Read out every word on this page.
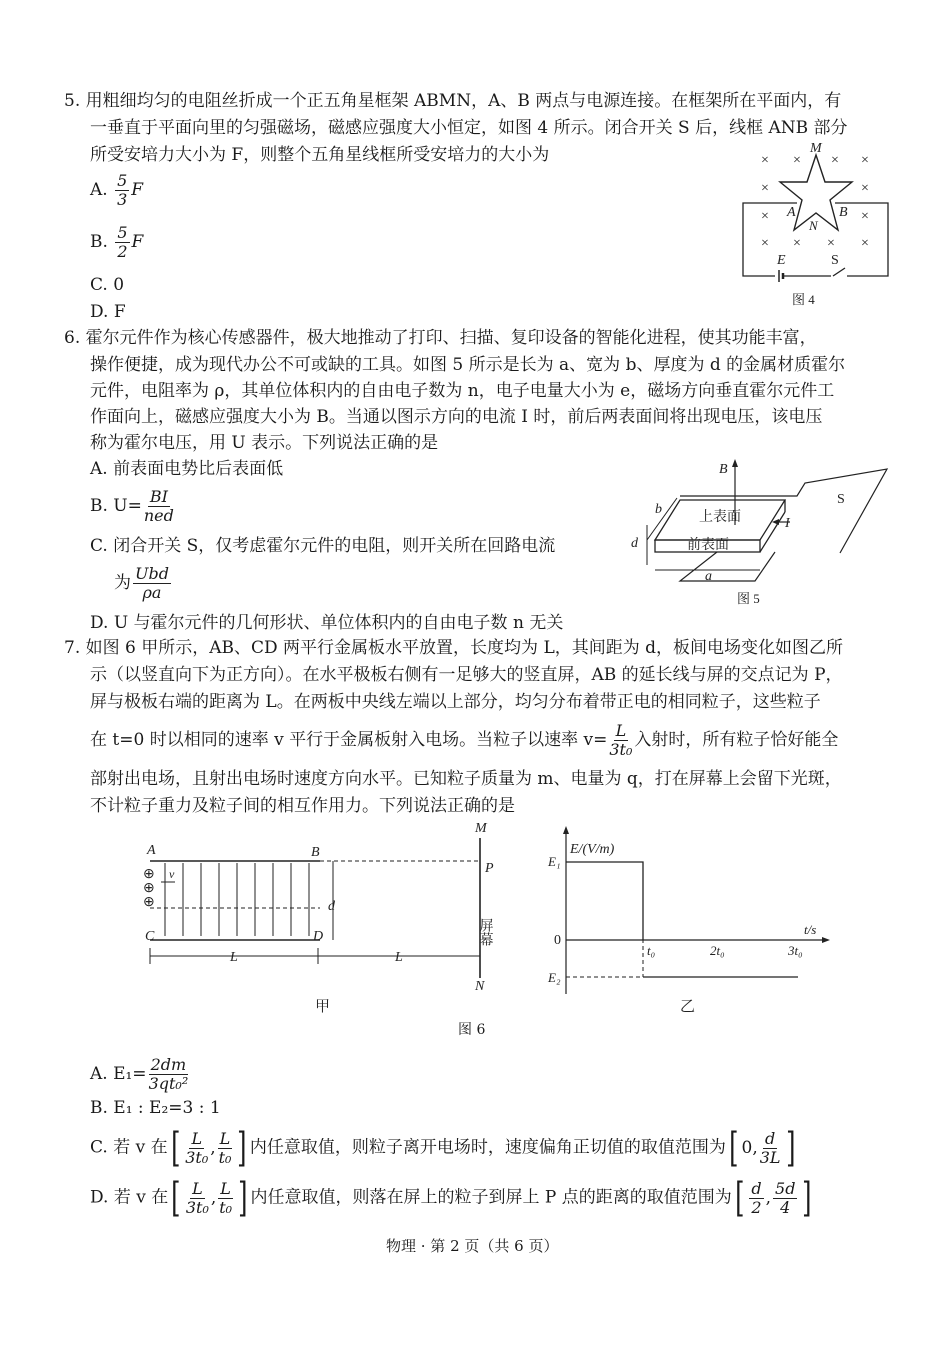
5. 用粗细均匀的电阻丝折成一个正五角星框架 ABMN，A、B 两点与电源连接。在框架所在平面内，有
一垂直于平面向里的匀强磁场，磁感应强度大小恒定，如图 4 所示。闭合开关 S 后，线框 ANB 部分
所受安培力大小为 F，则整个五角星线框所受安培力的大小为
A. $\frac{5}{3}$ F
B. $\frac{5}{2}$ F
C. 0
D. F
× × × ×
×	×
×	×
× × × ×
M
A	B
N
E	S
图 4
6. 霍尔元件作为核心传感器件，极大地推动了打印、扫描、复印设备的智能化进程，使其功能丰富，
操作便捷，成为现代办公不可或缺的工具。如图 5 所示是长为 a、宽为 b、厚度为 d 的金属材质霍尔
元件，电阻率为 ρ，其单位体积内的自由电子数为 n，电子电量大小为 e，磁场方向垂直霍尔元件工
作面向上，磁感应强度大小为 B。当通以图示方向的电流 I 时，前后两表面间将出现电压，该电压
称为霍尔电压，用 U 表示。下列说法正确的是
A. 前表面电势比后表面低
B. $U= \frac{BI}{\text{ned}}$
C. 闭合开关 S，仅考虑霍尔元件的电阻，则开关所在回路电流
为 $\frac{\text{Ubd}}{\rho a}$
D. U 与霍尔元件的几何形状、单位体积内的自由电子数 n 无关
B
b
d
a
I
S
上表面
前表面
图 5
7. 如图 6 甲所示，AB、CD 两平行金属板水平放置，长度均为 L，其间距为 d，板间电场变化如图乙所
示（以竖直向下为正方向）。在水平极板右侧有一足够大的竖直屏，AB 的延长线与屏的交点记为 P，
屏与极板右端的距离为 L。在两板中央线左端以上部分，均匀分布着带正电的相同粒子，这些粒子
在 t=0 时以相同的速率 v 平行于金属板射入电场。当粒子以速率 $v= \frac{L}{\text{3t₀}}$ 入射时，所有粒子恰好能全
部射出电场，且射出电场时速度方向水平。已知粒子质量为 m、电量为 q，打在屏幕上会留下光斑，
不计粒子重力及粒子间的相互作用力。下列说法正确的是
⊕
⊕
⊕
A	B
C	D
M
N
P
v
d
L	L
屏幕
甲
E/(V/m)
t/s
E₁
E₂
0
t₀	2t₀	3t₀
乙
图 6
A. $E_1= \frac{2dm}{\text{3qt₀²}}$
B. E₁ : E₂=3 : 1
C. 若 v 在 [ $\frac{L}{\text{3t₀}}$ , $\frac{L}{\text{t₀}}$ ] 内任意取值，则粒子离开电场时，速度偏角正切值的取值范围为 [ 0, $\frac{d}{3L}$ ]
D. 若 v 在 [ $\frac{L}{\text{3t₀}}$ , $\frac{L}{\text{t₀}}$ ] 内任意取值，则落在屏上的粒子到屏上 P 点的距离的取值范围为 [ $\frac{d}{2}$ , $\frac{5d}{4}$ ]
物理 · 第 2 页（共 6 页）
